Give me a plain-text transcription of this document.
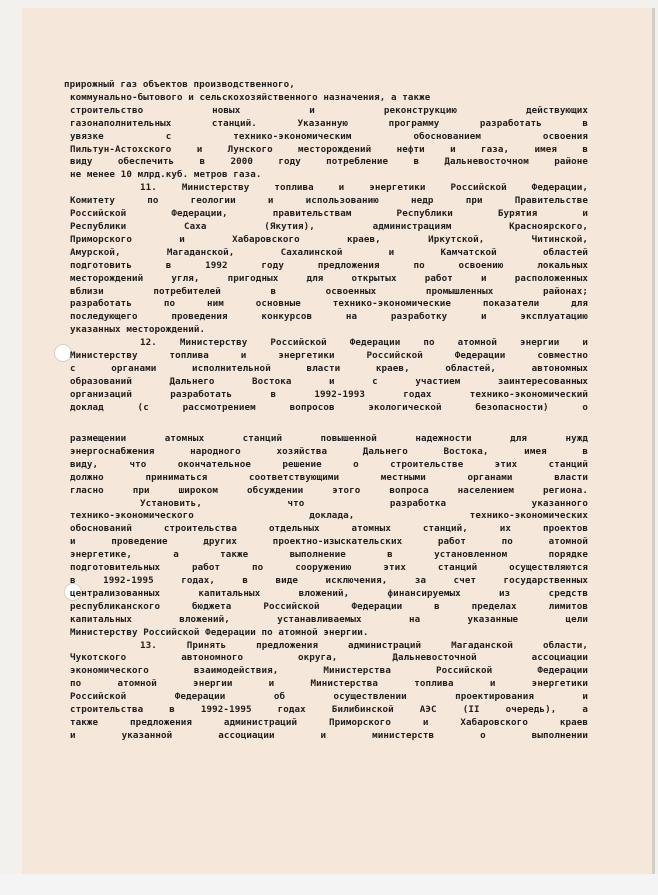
прирожный газ объектов производственного,
коммунально-бытового и сельскохозяйственного назначения, а также
строительство новых и реконструкцию действующих
газонаполнительных станций. Указанную программу разработать в
увязке с технико-экономическим обоснованием освоения
Пильтун-Астохского и Лунского месторождений нефти и газа, имея в
виду обеспечить в 2000 году потребление в Дальневосточном районе
не менее 10 млрд.куб. метров газа.
11. Министерству топлива и энергетики Российской Федерации,
Комитету по геологии и использованию недр при Правительстве
Российской Федерации, правительствам Республики Бурятия и
Республики Саха (Якутия), администрациям Красноярского,
Приморского и Хабаровского краев, Иркутской, Читинской,
Амурской, Магаданской, Сахалинской и Камчатской областей
подготовить в 1992 году предложения по освоению локальных
месторождений угля, пригодных для открытых работ и расположенных
вблизи потребителей в освоенных промышленных районах;
разработать по ним основные технико-экономические показатели для
последующего проведения конкурсов на разработку и эксплуатацию
указанных месторождений.
12. Министерству Российской Федерации по атомной энергии и
Министерству топлива и энергетики Российской Федерации совместно
с органами исполнительной власти краев, областей, автономных
образований Дальнего Востока и с участием заинтересованных
организаций разработать в 1992-1993 годах технико-экономический
доклад (с рассмотрением вопросов экологической безопасности) о
размещении атомных станций повышенной надежности для нужд
энергоснабжения народного хозяйства Дальнего Востока, имея в
виду, что окончательное решение о строительстве этих станций
должно приниматься соответствующими местными органами власти
гласно при широком обсуждении этого вопроса населением региона.
Установить, что разработка указанного
технико-экономического доклада, технико-экономических
обоснований строительства отдельных атомных станций, их проектов
и проведение других проектно-изыскательских работ по атомной
энергетике, а также выполнение в установленном порядке
подготовительных работ по сооружению этих станций осуществляются
в 1992-1995 годах, в виде исключения, за счет государственных
централизованных капитальных вложений, финансируемых из средств
республиканского бюджета Российской Федерации в пределах лимитов
капитальных вложений, устанавливаемых на указанные цели
Министерству Российской Федерации по атомной энергии.
13. Принять предложения администраций Магаданской области,
Чукотского автономного округа, Дальневосточной ассоциации
экономического взаимодействия, Министерства Российской Федерации
по атомной энергии и Министерства топлива и энергетики
Российской Федерации об осуществлении проектирования и
строительства в 1992-1995 годах Билибинской АЭС (II очередь), а
также предложения администраций Приморского и Хабаровского краев
и указанной ассоциации и министерств о выполнении
